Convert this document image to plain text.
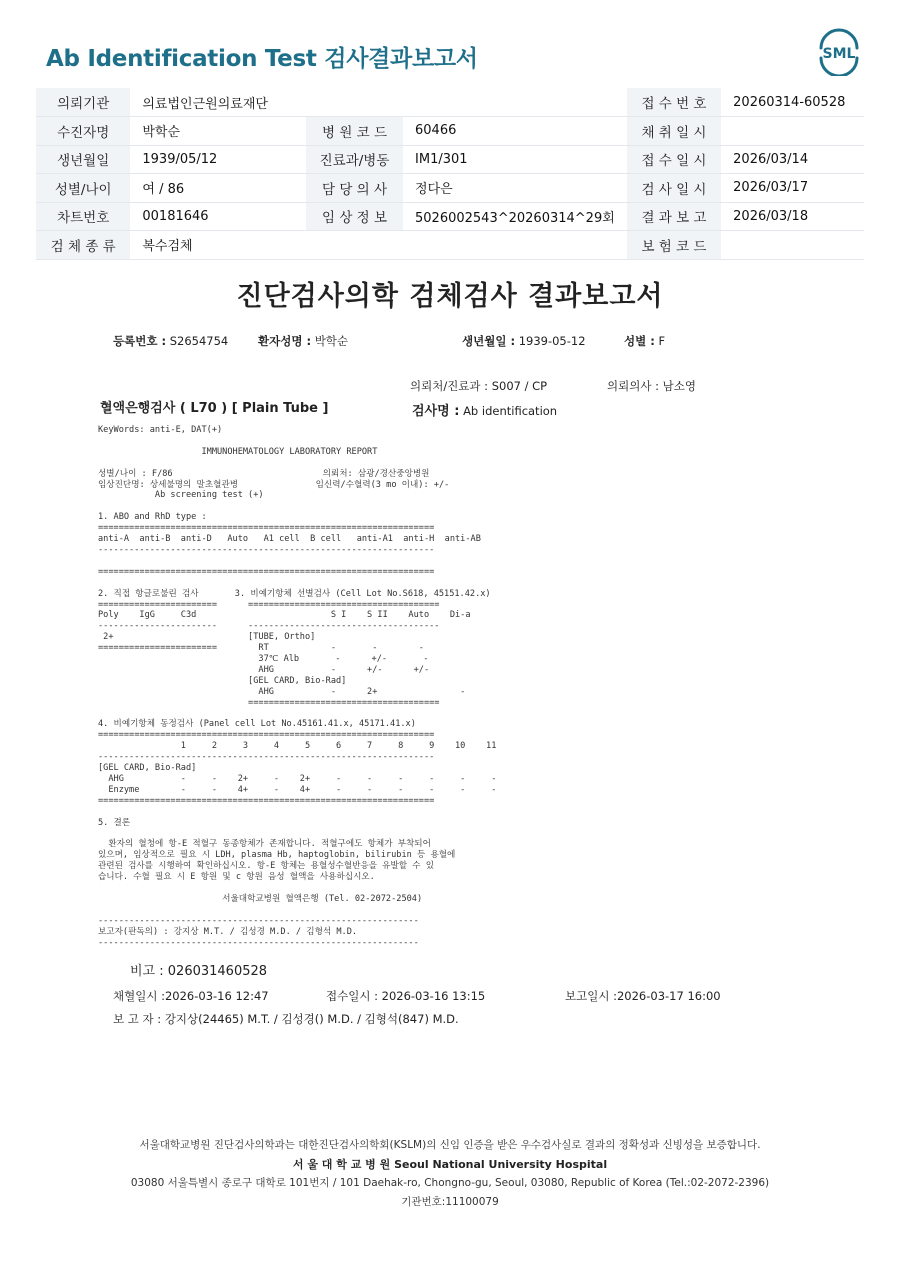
Ab Identification Test 검사결과보고서	SML
의뢰기관	의료법인근원의료재단			접 수 번 호	20260314-60528
수진자명	박학순	병 원 코 드	60466	채 취 일 시	
생년월일	1939/05/12	진료과/병동	IM1/301	접 수 일 시	2026/03/14
성별/나이	여 / 86	담 당 의 사	정다은	검 사 일 시	2026/03/17
차트번호	00181646	임 상 정 보	5026002543^20260314^29회	결 과 보 고	2026/03/18
검 체 종 류	복수검체			보 험 코 드	
진단검사의학 검체검사 결과보고서
등록번호 : S2654754	환자성명 : 박학순	생년월일 : 1939-05-12	성별 : F
의뢰처/진료과 : S007 / CP	의뢰의사 : 남소영
혈액은행검사 ( L70 ) [ Plain Tube ]	검사명 : Ab identification
KeyWords: anti-E, DAT(+)

IMMUNOHEMATOLOGY LABORATORY REPORT

성별/나이 : F/86                             의뢰처: 삼광/경산중앙병원
임상진단명: 상세불명의 말초혈관병               임신력/수혈력(3 mo 이내): +/-
Ab screening test (+)

1. ABO and RhD type :
=================================================================
anti-A  anti-B  anti-D   Auto   A1 cell  B cell   anti-A1  anti-H  anti-AB
-----------------------------------------------------------------

=================================================================

2. 직접 항글로불린 검사       3. 비예기항체 선별검사 (Cell Lot No.S618, 45151.42.x)
=======================      =====================================
Poly    IgG     C3d                          S I    S II    Auto    Di-a
-----------------------      -------------------------------------
2+                          [TUBE, Ortho]
=======================        RT            -       -        -
37℃ Alb       -      +/-       -
AHG           -      +/-      +/-
[GEL CARD, Bio-Rad]
AHG           -      2+                -
=====================================

4. 비예기항체 동정검사 (Panel cell Lot No.45161.41.x, 45171.41.x)
=================================================================
1     2     3     4     5     6     7     8     9    10    11
-----------------------------------------------------------------
[GEL CARD, Bio-Rad]
AHG           -     -    2+     -    2+     -     -     -     -     -     -
Enzyme        -     -    4+     -    4+     -     -     -     -     -     -
=================================================================

5. 결론

환자의 혈청에 항-E 적혈구 동종항체가 존재합니다. 적혈구에도 항체가 부착되어
있으며, 임상적으로 필요 시 LDH, plasma Hb, haptoglobin, bilirubin 등 용혈에
관련된 검사를 시행하여 확인하십시오. 항-E 항체는 용혈성수혈반응을 유발할 수 있
습니다. 수혈 필요 시 E 항원 및 c 항원 음성 혈액을 사용하십시오.

서울대학교병원 혈액은행 (Tel. 02-2072-2504)

--------------------------------------------------------------
보고자(판독의) : 강지상 M.T. / 김성경 M.D. / 김형석 M.D.
--------------------------------------------------------------
비고 : 026031460528
채혈일시 :2026-03-16 12:47	접수일시 : 2026-03-16 13:15	보고일시 :2026-03-17 16:00
보 고 자 : 강지상(24465) M.T. / 김성경() M.D. / 김형석(847) M.D.
서울대학교병원 진단검사의학과는 대한진단검사의학회(KSLM)의 신임 인증을 받은 우수검사실로 결과의 정확성과 신빙성을 보증합니다.
서 울 대 학 교 병 원 Seoul National University Hospital
03080 서울특별시 종로구 대학로 101번지 / 101 Daehak-ro, Chongno-gu, Seoul, 03080, Republic of Korea (Tel.:02-2072-2396)
기관번호:11100079
